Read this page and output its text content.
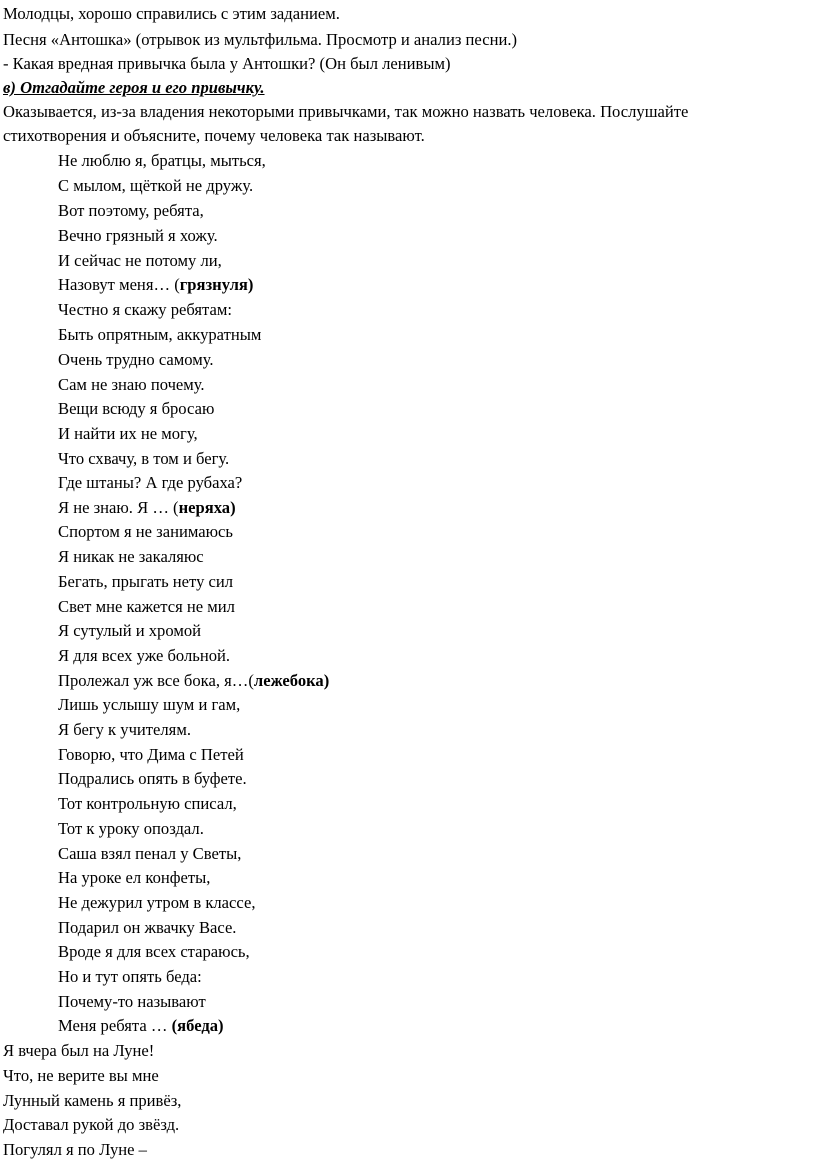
Молодцы, хорошо справились с этим заданием.
Песня «Антошка» (отрывок из мультфильма. Просмотр и анализ песни.)
- Какая вредная привычка была у Антошки? (Он был ленивым)
в) Отгадайте героя и его привычку.
Оказывается, из-за владения некоторыми привычками, так можно назвать человека. Послушайте
стихотворения и объясните, почему человека так называют.
Не люблю я, братцы, мыться,
С мылом, щёткой не дружу.
Вот поэтому, ребята,
Вечно грязный я хожу.
И сейчас не потому ли,
Назовут меня… (грязнуля)
Честно я скажу ребятам:
Быть опрятным, аккуратным
Очень трудно самому.
Сам не знаю почему.
Вещи всюду я бросаю
И найти их не могу,
Что схвачу, в том и бегу.
Где штаны? А где рубаха?
Я не знаю. Я … (неряха)
Спортом я не занимаюсь
Я никак не закаляюс
Бегать, прыгать нету сил
Свет мне кажется не мил
Я сутулый и хромой
Я для всех уже больной.
Пролежал уж все бока, я…(лежебока)
Лишь услышу шум и гам,
Я бегу к учителям.
Говорю, что Дима с Петей
Подрались опять в буфете.
Тот контрольную списал,
Тот к уроку опоздал.
Саша взял пенал у Светы,
На уроке ел конфеты,
Не дежурил утром в классе,
Подарил он жвачку Васе.
Вроде я для всех стараюсь,
Но и тут опять беда:
Почему-то называют
Меня ребята … (ябеда)
Я вчера был на Луне!
Что, не верите вы мне
Лунный камень я привёз,
Доставал рукой до звёзд.
Погулял я по Луне –
